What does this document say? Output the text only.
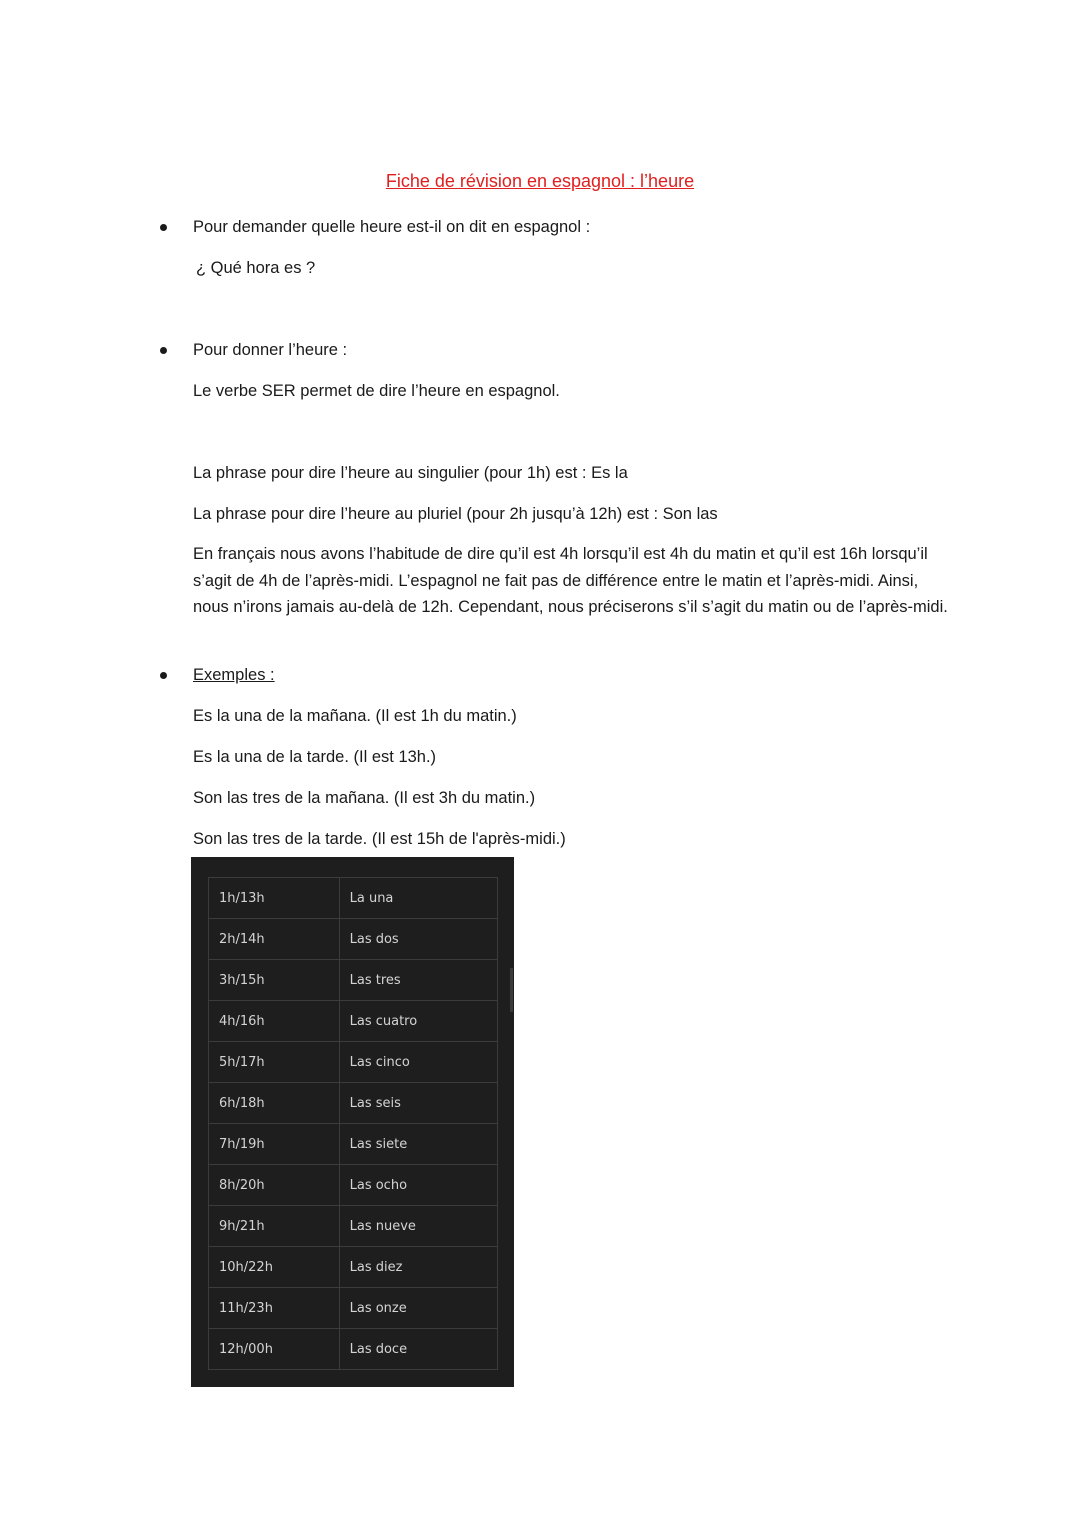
Fiche de révision en espagnol : l’heure
Pour demander quelle heure est-il on dit en espagnol :
¿ Qué hora es ?
Pour donner l’heure :
Le verbe SER permet de dire l’heure en espagnol.
La phrase pour dire l’heure au singulier (pour 1h) est : Es la
La phrase pour dire l’heure au pluriel (pour 2h jusqu’à 12h) est : Son las
En français nous avons l’habitude de dire qu’il est 4h lorsqu’il est 4h du matin et qu’il est 16h lorsqu’il s’agit de 4h de l’après-midi. L’espagnol ne fait pas de différence entre le matin et l’après-midi. Ainsi, nous n’irons jamais au-delà de 12h. Cependant, nous préciserons s’il s’agit du matin ou de l’après-midi.
Exemples :
Es la una de la mañana. (Il est 1h du matin.)
Es la una de la tarde. (Il est 13h.)
Son las tres de la mañana. (Il est 3h du matin.)
Son las tres de la tarde. (Il est 15h de l'après-midi.)
1h/13h	La una
2h/14h	Las dos
3h/15h	Las tres
4h/16h	Las cuatro
5h/17h	Las cinco
6h/18h	Las seis
7h/19h	Las siete
8h/20h	Las ocho
9h/21h	Las nueve
10h/22h	Las diez
11h/23h	Las onze
12h/00h	Las doce
